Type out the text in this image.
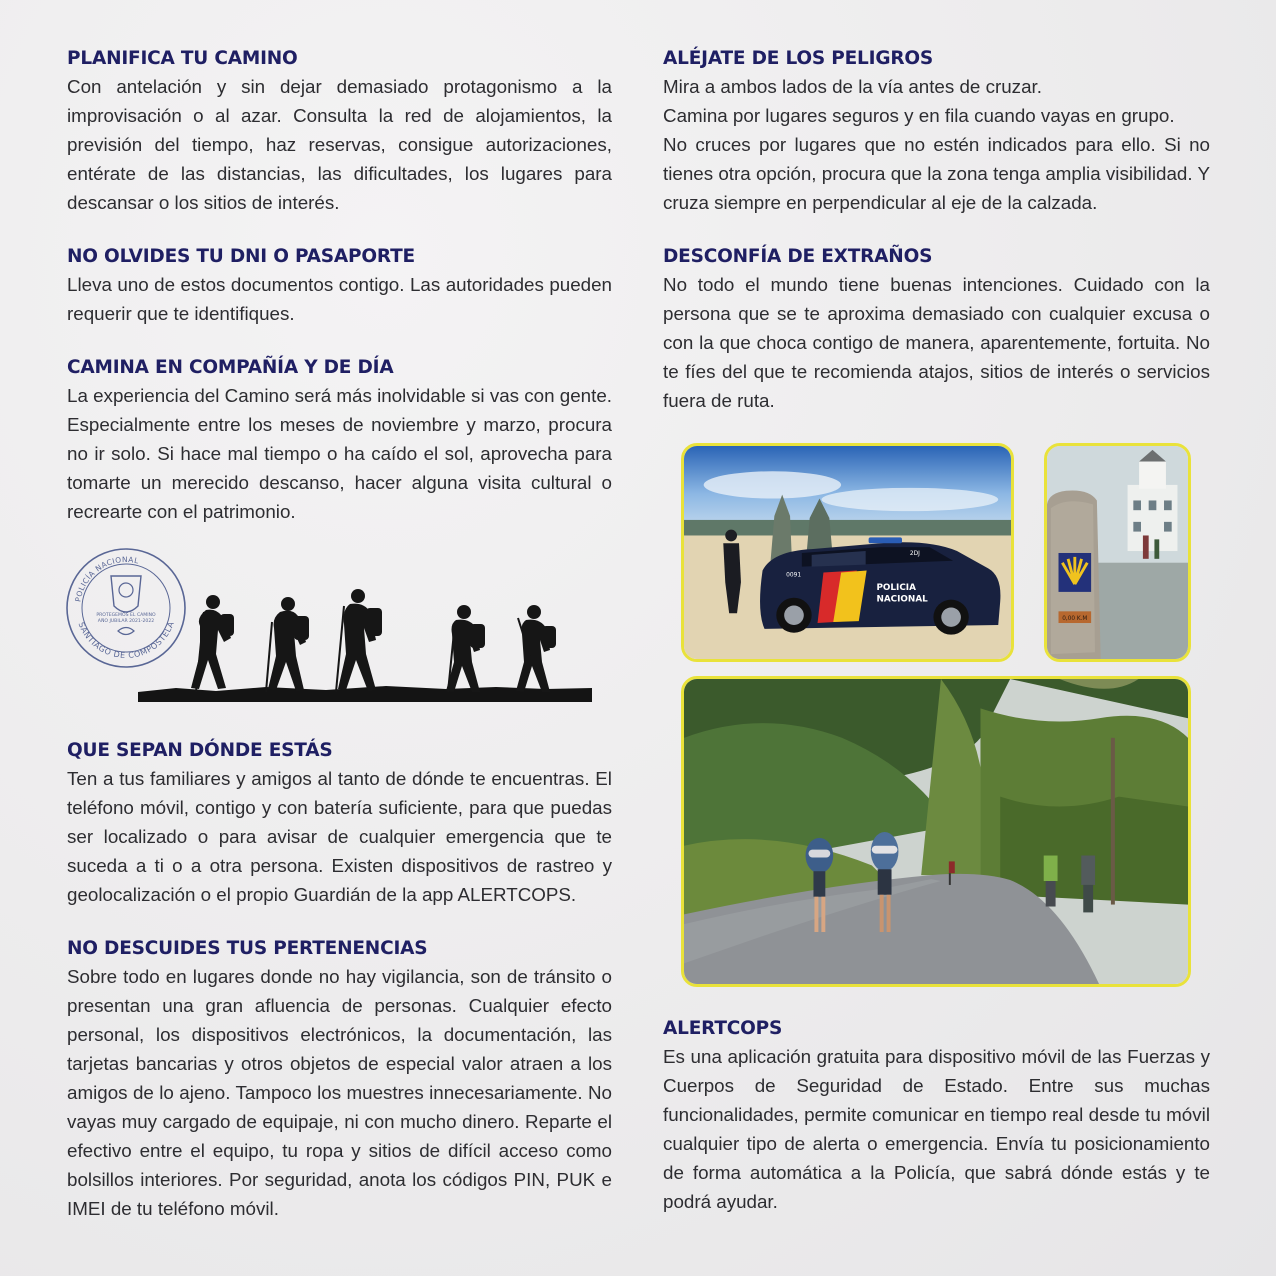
PLANIFICA TU CAMINO
Con antelación y sin dejar demasiado protagonismo a la improvisación o al azar. Consulta la red de alojamientos, la previsión del tiempo, haz reservas, consigue autorizaciones, entérate de las distancias, las dificultades, los lugares para descansar o los sitios de interés.
NO OLVIDES TU DNI O PASAPORTE
Lleva uno de estos documentos contigo. Las autoridades pueden requerir que te identifiques.
CAMINA EN COMPAÑÍA Y DE DÍA
La experiencia del Camino será más inolvidable si vas con gente. Especialmente entre los meses de noviembre y marzo, procura no ir solo. Si hace mal tiempo o ha caído el sol, aprovecha para tomarte un merecido descanso, hacer alguna visita cultural o recrearte con el patrimonio.
QUE SEPAN DÓNDE ESTÁS
Ten a tus familiares y amigos al tanto de dónde te encuentras. El teléfono móvil, contigo y con batería suficiente, para que puedas ser localizado o para avisar de cualquier emergencia que te suceda a ti o a otra persona. Existen dispositivos de rastreo y geolocalización o el propio Guardián de la app ALERTCOPS.
NO DESCUIDES TUS PERTENENCIAS
Sobre todo en lugares donde no hay vigilancia, son de tránsito o presentan una gran afluencia de personas. Cualquier efecto personal, los dispositivos electrónicos, la documentación, las tarjetas bancarias y otros objetos de especial valor atraen a los amigos de lo ajeno. Tampoco los muestres innecesariamente. No vayas muy cargado de equipaje, ni con mucho dinero. Reparte el efectivo entre el equipo, tu ropa y sitios de difícil acceso como bolsillos interiores. Por seguridad, anota los códigos PIN, PUK e IMEI de tu teléfono móvil.
POLICÍA NACIONAL
SANTIAGO DE COMPOSTELA
PROTEGEMOS EL CAMINO
AÑO JUBILAR 2021-2022
ALÉJATE DE LOS PELIGROS

Mira a ambos lados de la vía antes de cruzar.

Camina por lugares seguros y en fila cuando vayas en grupo.

No cruces por lugares que no estén indicados para ello. Si no tienes otra opción, procura que la zona tenga amplia visibilidad. Y cruza siempre en perpendicular al eje de la calzada.

DESCONFÍA DE EXTRAÑOS
No todo el mundo tiene buenas intenciones. Cuidado con la persona que se te aproxima demasiado con cualquier excusa o con la que choca contigo de manera, aparentemente, fortuita. No te fíes del que te recomienda atajos, sitios de interés o servicios fuera de ruta.
ALERTCOPS
Es una aplicación gratuita para dispositivo móvil de las Fuerzas y Cuerpos de Seguridad de Estado. Entre sus muchas funcionalidades, permite comunicar en tiempo real desde tu móvil cualquier tipo de alerta o emergencia. Envía tu posicionamiento de forma automática a la Policía, que sabrá dónde estás y te podrá ayudar.
POLICIA
NACIONAL
2DJ
0091
0,00 K.M
